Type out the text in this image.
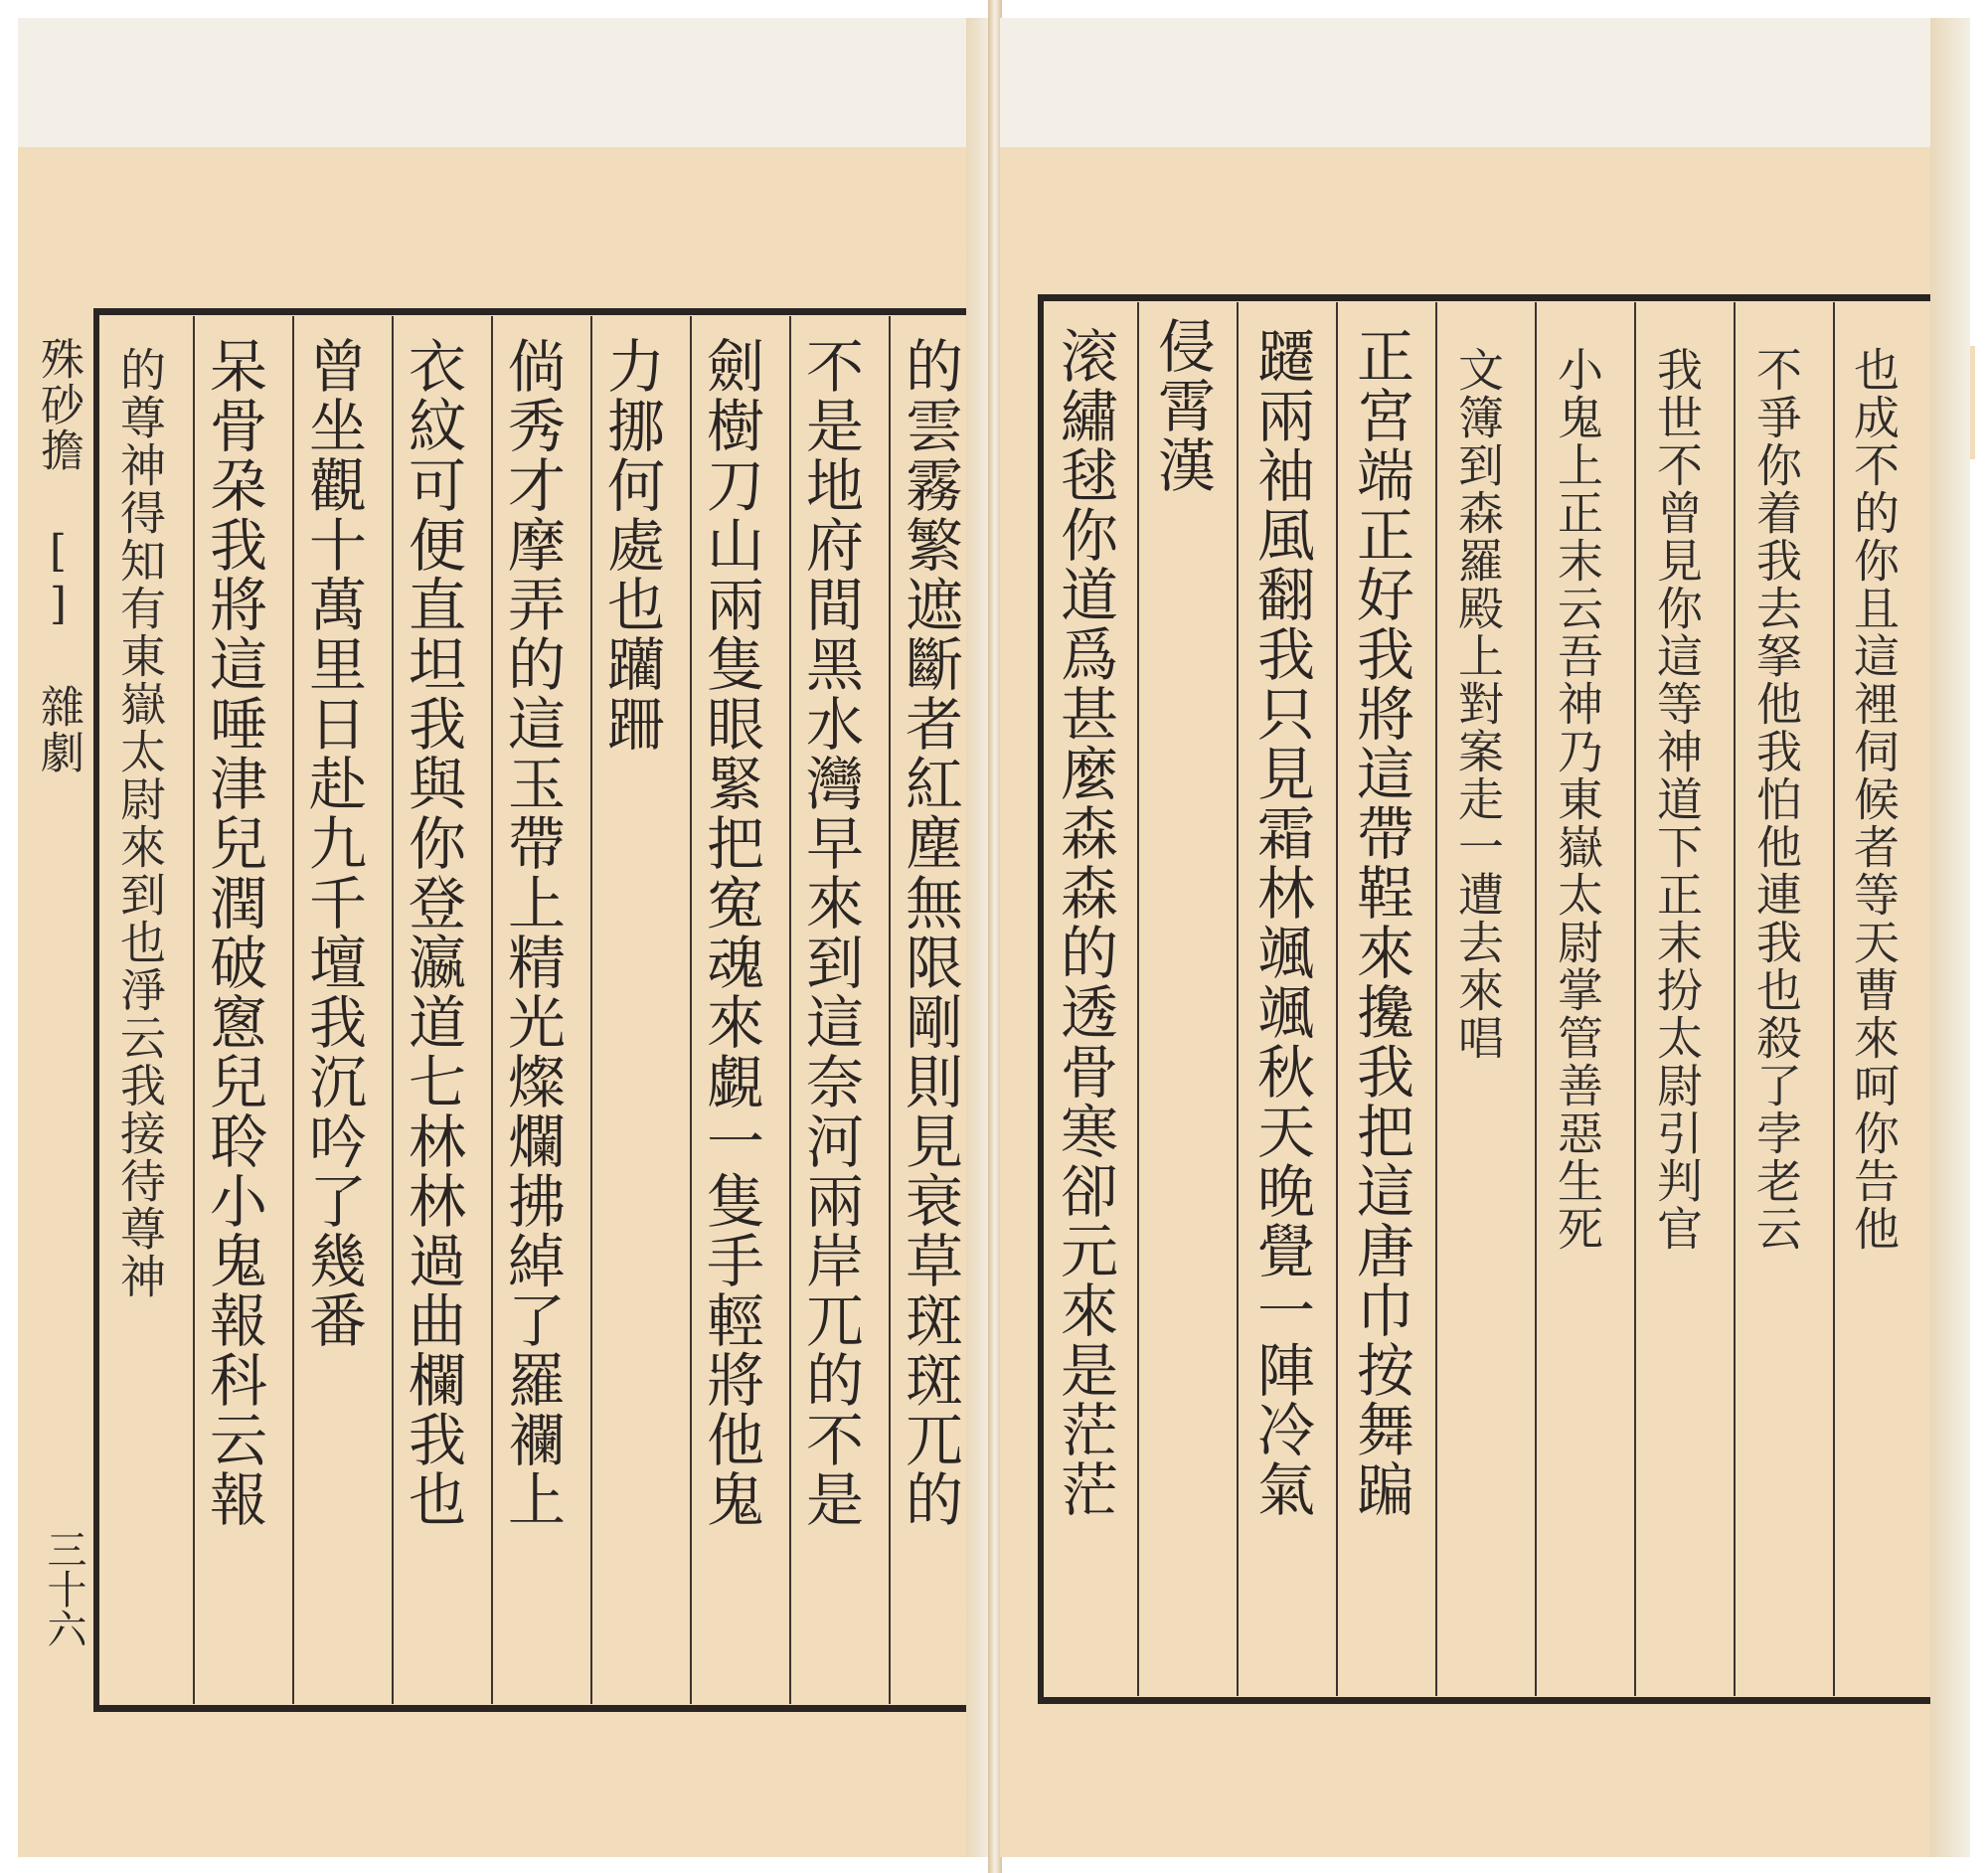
殊砂擔 [] 雜劇
三十六
的雲霧繁遮斷者紅塵無限剛則見衰草斑斑兀的
不是地府間黑水灣早來到這奈河兩岸兀的不是
劍樹刀山兩隻眼緊把寃魂來覷一隻手輕將他鬼
力挪何處也躪跚
倘秀才摩弄的這玉帶上精光燦爛拂綽了羅襴上
衣紋可便直坦我與你登瀛道七林林過曲欄我也
曾坐觀十萬里日赴九千壇我沉吟了幾番
呆骨朶我將這唾津兒潤破窻兒聆小鬼報科云報
的尊神得知有東嶽太尉來到也淨云我接待尊神	也成不的你且這裡伺候者等天曹來呵你告他
不爭你着我去拏他我怕他連我也殺了孛老云
我世不曾見你這等神道下正末扮太尉引判官
小鬼上正末云吾神乃東嶽太尉掌管善惡生死
文簿到森羅殿上對案走一遭去來唱
正宮端正好我將這帶鞓來攙我把這唐巾按舞蹁
躚兩袖風翻我只見霜林颯颯秋天晚覺一陣冷氣
侵霄漢
滚繡毬你道爲甚麼森森的透骨寒卻元來是茫茫
